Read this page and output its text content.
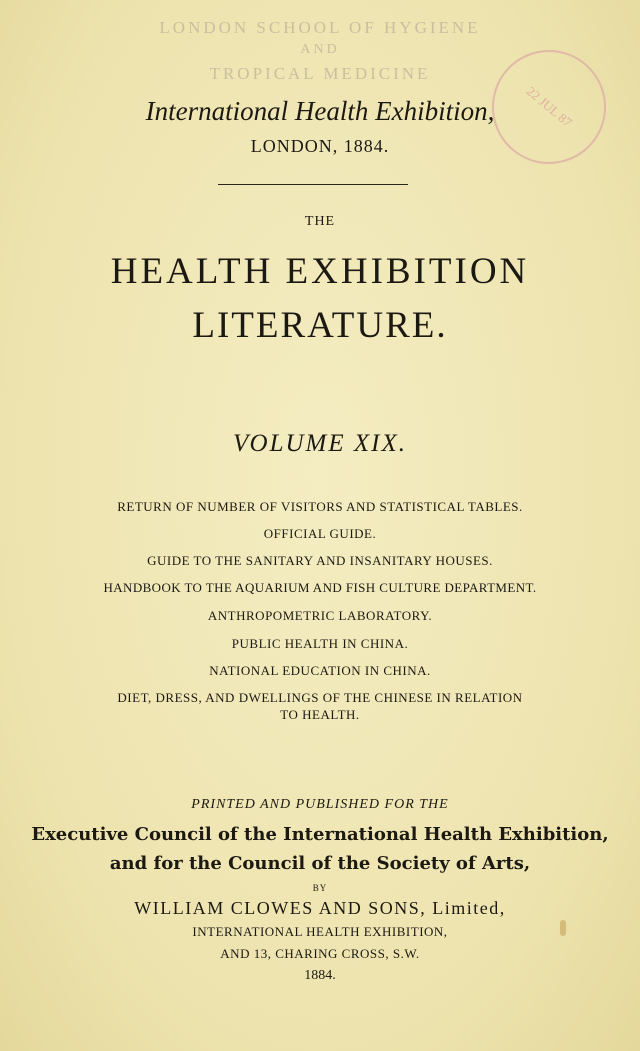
LONDON SCHOOL OF HYGIENE
AND
TROPICAL MEDICINE
22 JUL 87
International Health Exhibition,
LONDON, 1884.
THE
HEALTH EXHIBITION
LITERATURE.
VOLUME XIX.
RETURN OF NUMBER OF VISITORS AND STATISTICAL TABLES.
OFFICIAL GUIDE.
GUIDE TO THE SANITARY AND INSANITARY HOUSES.
HANDBOOK TO THE AQUARIUM AND FISH CULTURE DEPARTMENT.
ANTHROPOMETRIC LABORATORY.
PUBLIC HEALTH IN CHINA.
NATIONAL EDUCATION IN CHINA.
DIET, DRESS, AND DWELLINGS OF THE CHINESE IN RELATION
TO HEALTH.
PRINTED AND PUBLISHED FOR THE
Executive Council of the International Health Exhibition,
and for the Council of the Society of Arts,
BY
WILLIAM CLOWES AND SONS, Limited,
INTERNATIONAL HEALTH EXHIBITION,
AND 13, CHARING CROSS, S.W.
1884.
